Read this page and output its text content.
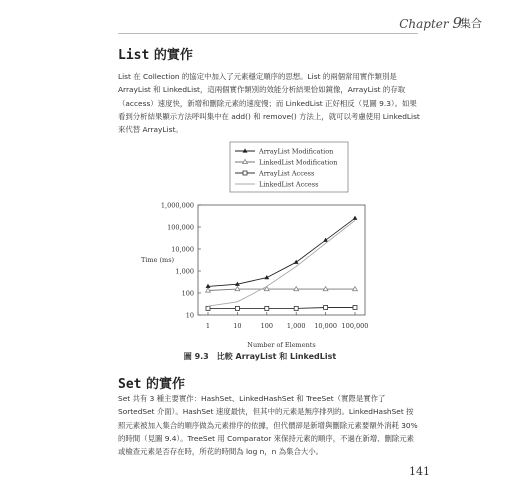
Chapter 9
集合
List 的實作
List 在 Collection 的協定中加入了元素穩定順序的思想。List 的兩個常用實作類別是 ArrayList 和 LinkedList，這兩個實作類別的效能分析結果恰如鏡像，ArrayList 的存取（access）速度快，新增和刪除元素的速度慢；而 LinkedList 正好相反（見圖 9.3）。如果看到分析結果顯示方法呼叫集中在 add() 和 remove() 方法上，就可以考慮使用 LinkedList 來代替 ArrayList。
10
100
1,000
10,000
100,000
1,000,000
1	10	100 1,000 10,000 100,000
Time (ms)
Number of Elements
ArrayList Modification
LinkedList Modification
ArrayList Access
LinkedList Access
圖 9.3　比較 ArrayList 和 LinkedList
Set 的實作
Set 共有 3 種主要實作：HashSet、LinkedHashSet 和 TreeSet（實際是實作了 SortedSet 介面）。HashSet 速度最快，但其中的元素是無序排列的。LinkedHashSet 按照元素被加入集合的順序做為元素排序的依據，但代價卻是新增與刪除元素要額外消耗 30% 的時間（見圖 9.4）。TreeSet 用 Comparator 來保持元素的順序，不過在新增、刪除元素或檢查元素是否存在時，所花的時間為 log n，n 為集合大小。
141
